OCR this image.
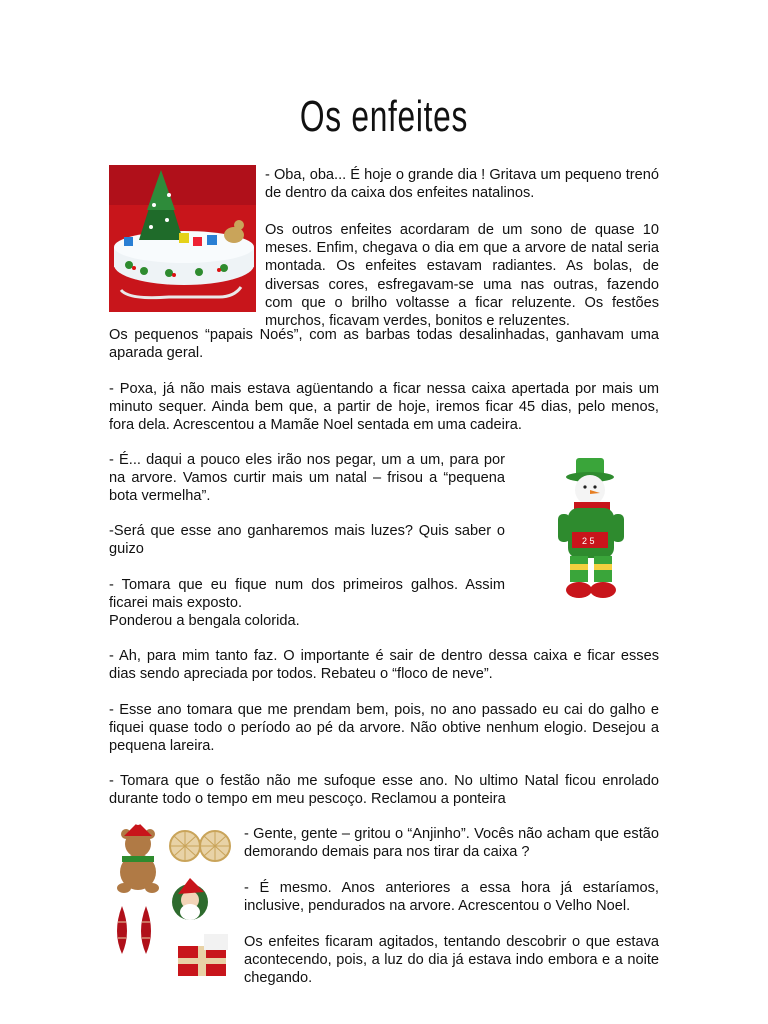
Os enfeites

- Oba, oba... É hoje o grande dia ! Gritava um pequeno trenó de dentro da caixa dos enfeites natalinos.

Os outros enfeites acordaram de um sono de quase 10 meses. Enfim, chegava o dia em que a arvore de natal seria montada. Os enfeites estavam radiantes. As bolas, de diversas cores, esfregavam-se uma nas outras, fazendo com que o brilho voltasse a ficar reluzente. Os festões murchos, ficavam verdes, bonitos e reluzentes.

Os pequenos “papais Noés”, com as barbas todas desalinhadas, ganhavam uma aparada geral.

- Poxa, já não mais estava agüentando a ficar nessa caixa apertada por mais um minuto sequer. Ainda bem que, a partir de hoje, iremos ficar 45 dias, pelo menos, fora dela. Acrescentou a Mamãe Noel sentada em uma cadeira.

- É... daqui a pouco eles irão nos pegar, um a um, para por na arvore. Vamos curtir mais um natal – frisou a “pequena bota vermelha”.

-Será que esse ano ganharemos mais luzes? Quis saber o guizo

- Tomara que eu fique num dos primeiros galhos. Assim ficarei mais exposto.

Ponderou a bengala colorida.

2 5

- Ah, para mim tanto faz. O importante é sair de dentro dessa caixa e ficar esses dias sendo apreciada por todos. Rebateu o “floco de neve”.

- Esse ano tomara que me prendam bem, pois, no ano passado eu cai do galho e fiquei quase todo o período ao pé da arvore. Não obtive nenhum elogio. Desejou a pequena lareira.

- Tomara que o festão não me sufoque esse ano. No ultimo Natal ficou enrolado durante todo o tempo em meu pescoço. Reclamou a ponteira

- Gente, gente – gritou o “Anjinho”. Vocês não acham que estão demorando demais para nos tirar da caixa ?

- É mesmo. Anos anteriores a essa hora já estaríamos, inclusive, pendurados na arvore. Acrescentou o Velho Noel.

Os enfeites ficaram agitados, tentando descobrir o que estava acontecendo, pois, a luz do dia já estava indo embora e a noite chegando.
